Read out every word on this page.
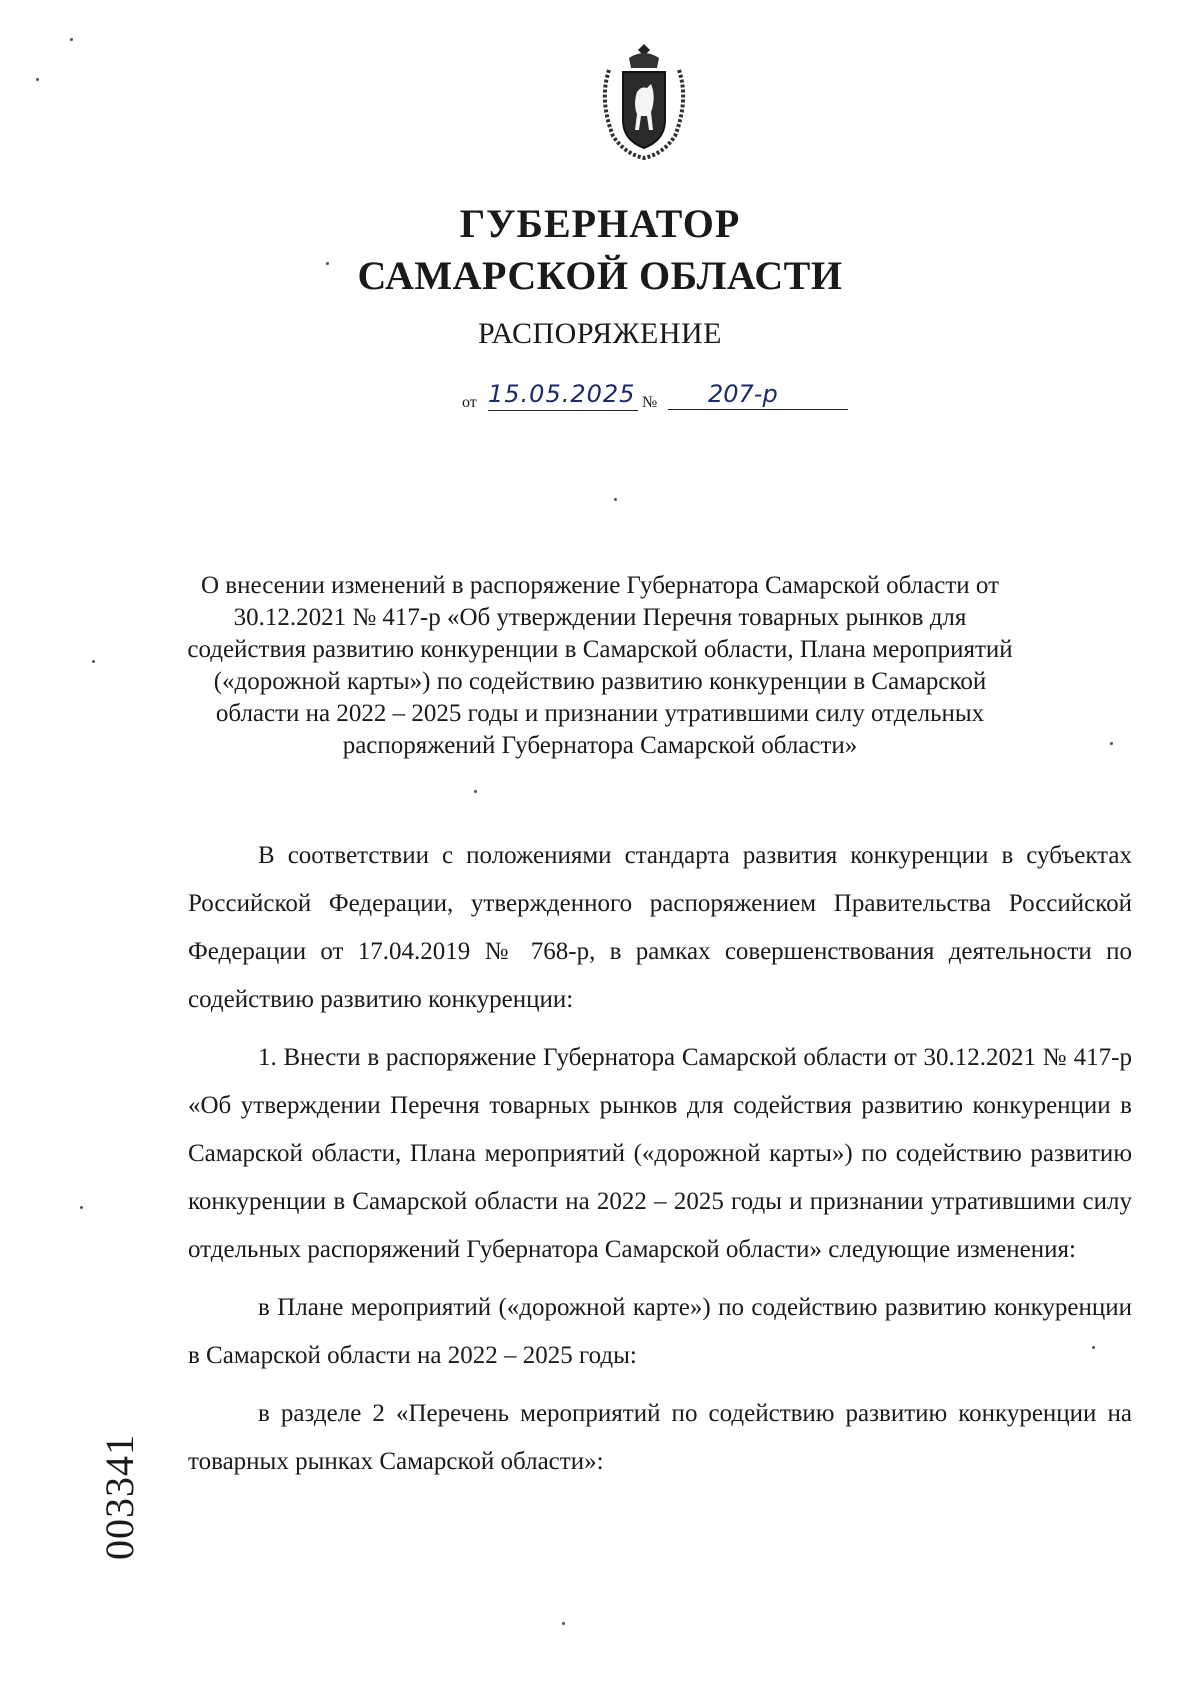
ГУБЕРНАТОР
САМАРСКОЙ ОБЛАСТИ
РАСПОРЯЖЕНИЕ
от 15.05.2025 №	207-р
О внесении изменений в распоряжение Губернатора Самарской области от 30.12.2021 № 417-р «Об утверждении Перечня товарных рынков для содействия развитию конкуренции в Самарской области, Плана мероприятий («дорожной карты») по содействию развитию конкуренции в Самарской области на 2022 – 2025 годы и признании утратившими силу отдельных распоряжений Губернатора Самарской области»

В соответствии с положениями стандарта развития конкуренции в субъектах Российской Федерации, утвержденного распоряжением Правительства Российской Федерации от 17.04.2019 № 768-р, в рамках совершенствования деятельности по содействию развитию конкуренции:

1. Внести в распоряжение Губернатора Самарской области от 30.12.2021 № 417-р «Об утверждении Перечня товарных рынков для содействия развитию конкуренции в Самарской области, Плана мероприятий («дорожной карты») по содействию развитию конкуренции в Самарской области на 2022 – 2025 годы и признании утратившими силу отдельных распоряжений Губернатора Самарской области» следующие изменения:

в Плане мероприятий («дорожной карте») по содействию развитию конкуренции в Самарской области на 2022 – 2025 годы:

в разделе 2 «Перечень мероприятий по содействию развитию конкуренции на товарных рынках Самарской области»:

003341
